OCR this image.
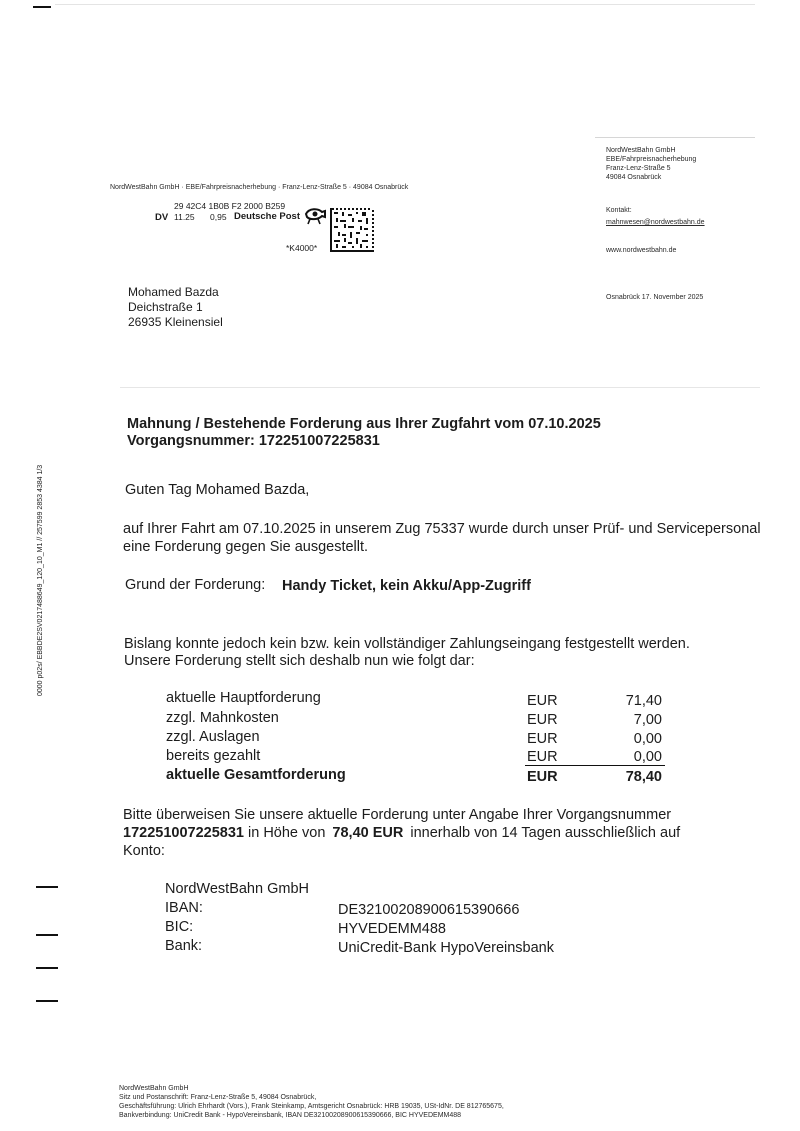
NordWestBahn GmbH
EBE/Fahrpreisnacherhebung
Franz-Lenz-Straße 5
49084 Osnabrück
Kontakt:
mahnwesen@nordwestbahn.de
www.nordwestbahn.de
Osnabrück 17. November 2025
NordWestBahn GmbH · EBE/Fahrpreisnacherhebung · Franz-Lenz-Straße 5 · 49084 Osnabrück
29 42C4 1B0B F2 2000 B259
DV 11.25 0,95 Deutsche Post
*K4000*
Mohamed Bazda
Deichstraße 1
26935 Kleinensiel
0000 p02s/ EBBDE2SV0217488649_120_10_M1 // 257599 2853 4384 1/3
Mahnung / Bestehende Forderung aus Ihrer Zugfahrt vom 07.10.2025
Vorgangsnummer: 172251007225831
Guten Tag Mohamed Bazda,
auf Ihrer Fahrt am 07.10.2025 in unserem Zug 75337 wurde durch unser Prüf- und Servicepersonal
eine Forderung gegen Sie ausgestellt.
Grund der Forderung: Handy Ticket, kein Akku/App-Zugriff
Bislang konnte jedoch kein bzw. kein vollständiger Zahlungseingang festgestellt werden.
Unsere Forderung stellt sich deshalb nun wie folgt dar:
aktuelle Hauptforderung	EUR	71,40
zzgl. Mahnkosten	EUR	7,00
zzgl. Auslagen	EUR	0,00
bereits gezahlt	EUR	0,00
aktuelle Gesamtforderung	EUR	78,40
Bitte überweisen Sie unsere aktuelle Forderung unter Angabe Ihrer Vorgangsnummer
172251007225831 in Höhe von 78,40 EUR innerhalb von 14 Tagen ausschließlich auf
Konto:
NordWestBahn GmbH
IBAN:	DE32100208900615390666
BIC:	HYVEDEMM488
Bank:	UniCredit-Bank HypoVereinsbank
NordWestBahn GmbH
Sitz und Postanschrift: Franz-Lenz-Straße 5, 49084 Osnabrück,
Geschäftsführung: Ulrich Ehrhardt (Vors.), Frank Steinkamp, Amtsgericht Osnabrück: HRB 19035, USt-IdNr. DE 812765675,
Bankverbindung: UniCredit Bank - HypoVereinsbank, IBAN DE32100208900615390666, BIC HYVEDEMM488
